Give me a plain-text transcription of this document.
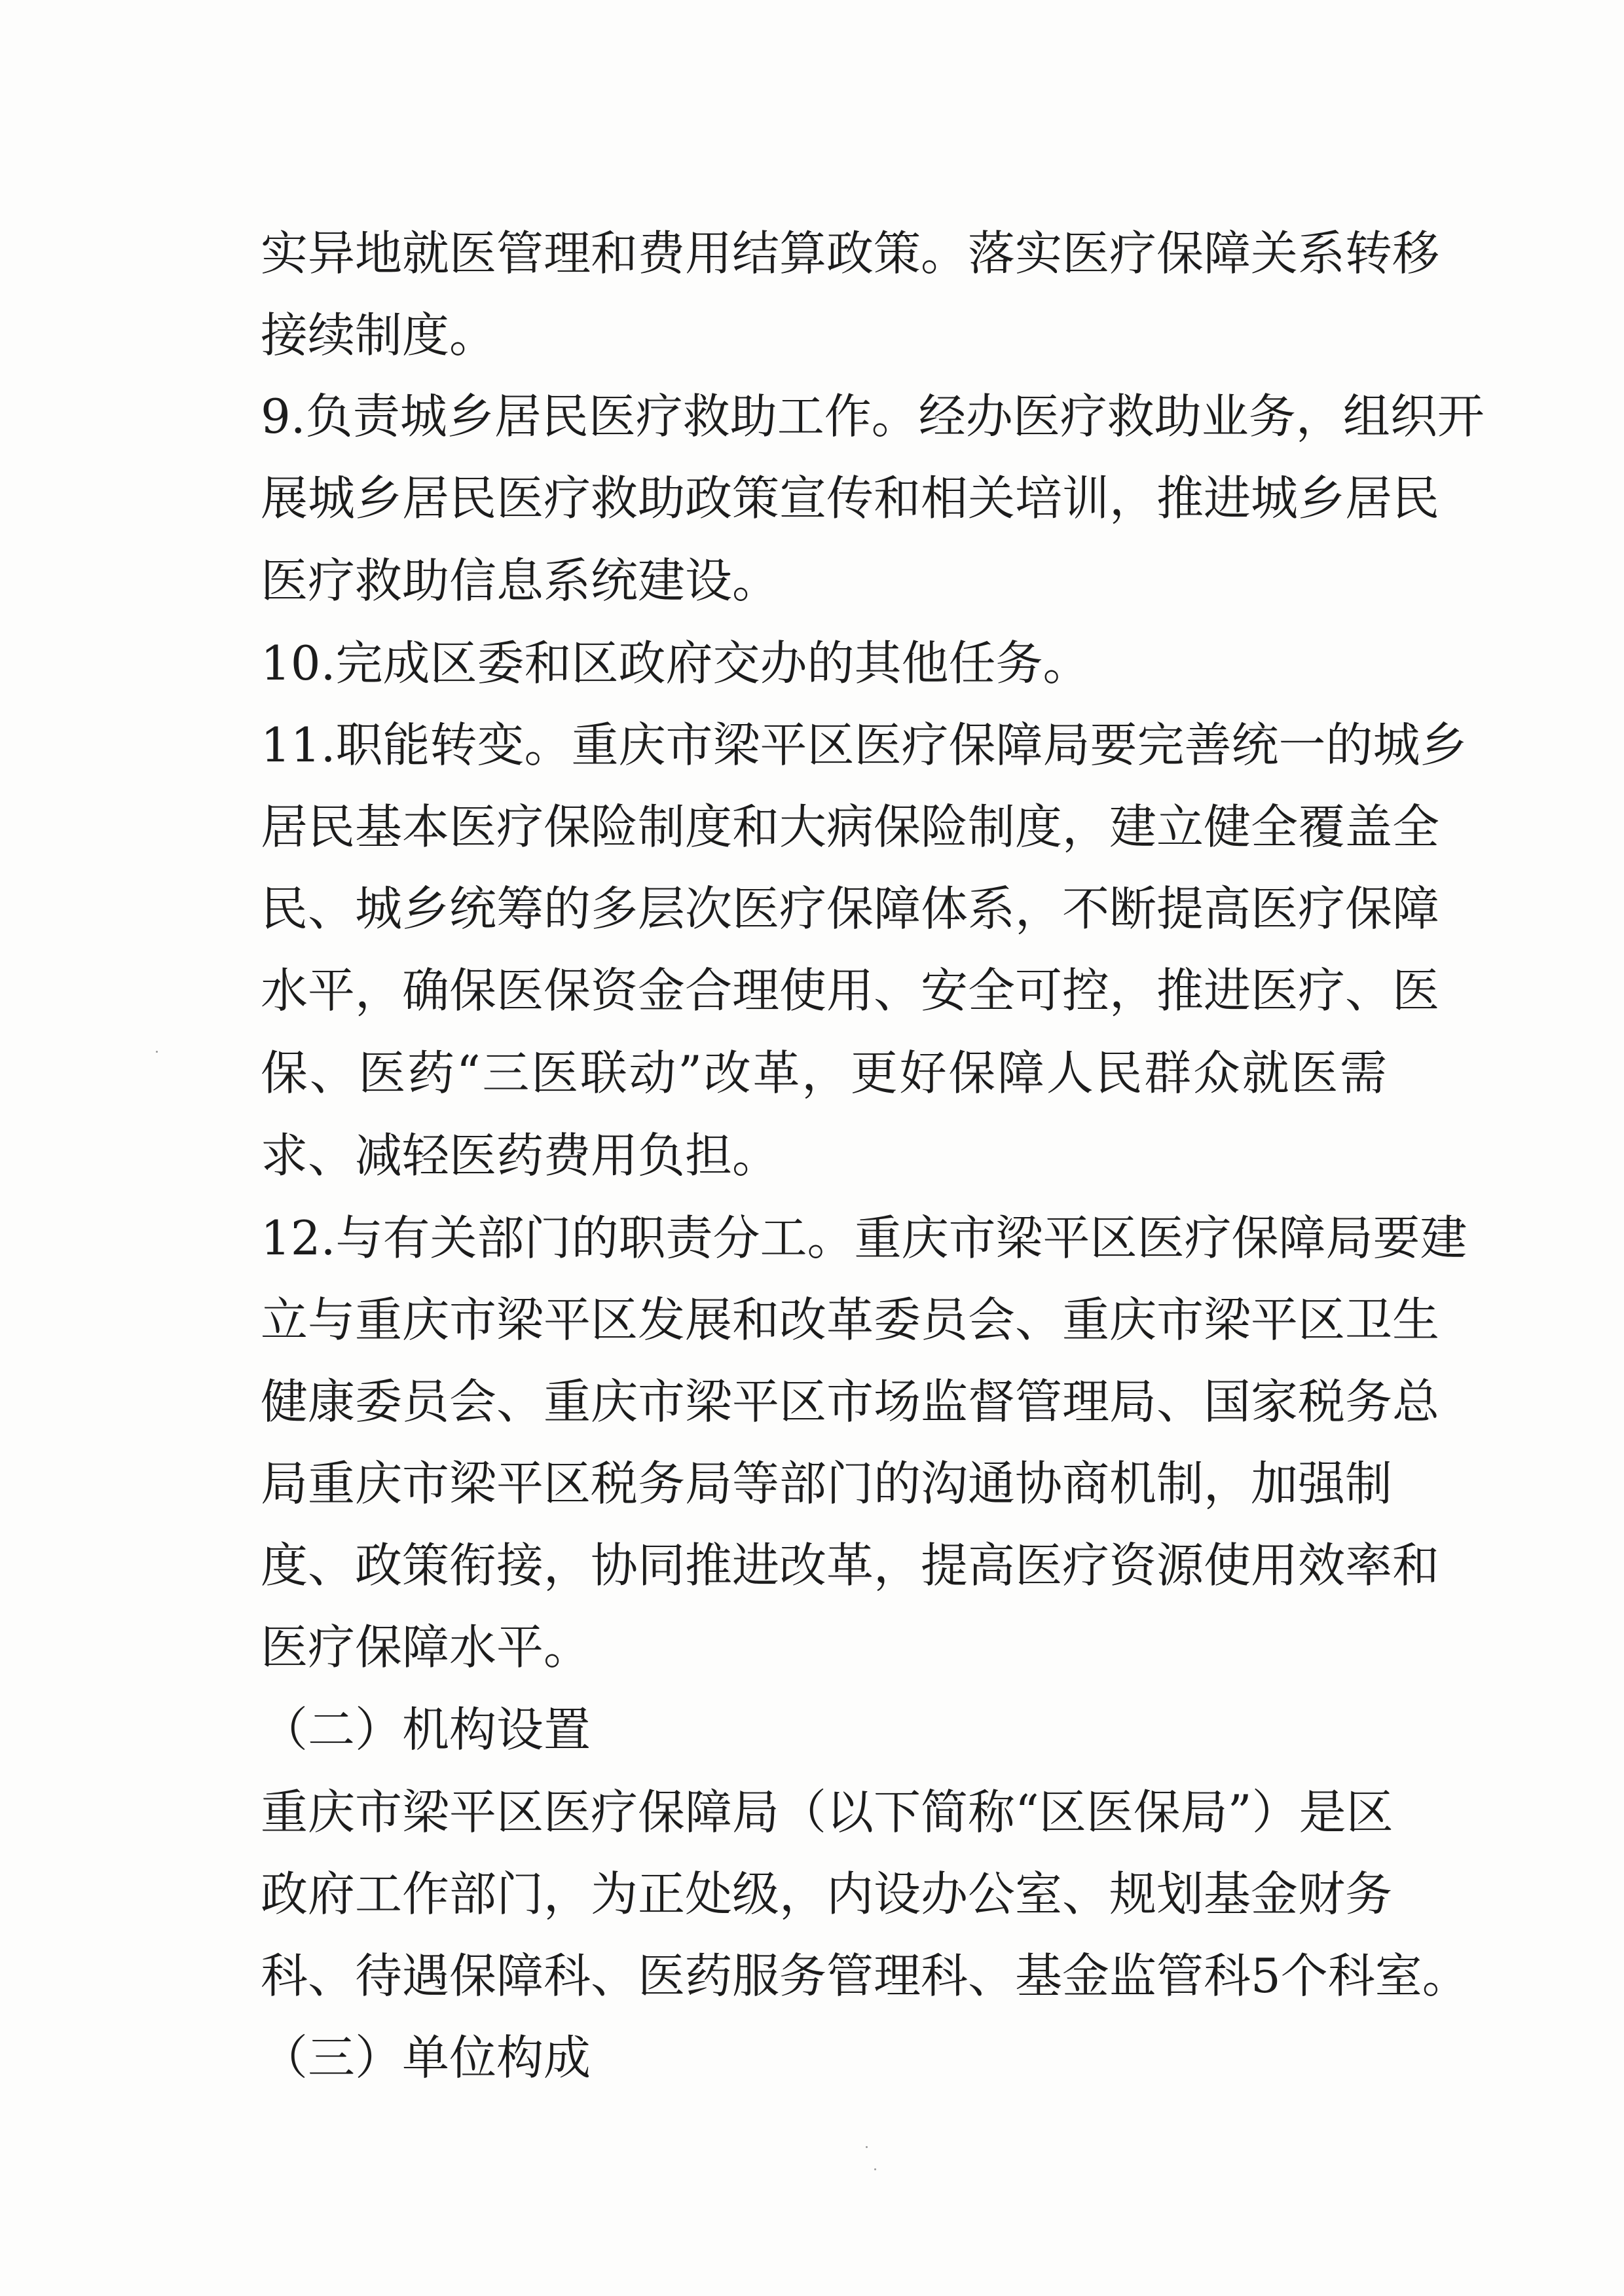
实异地就医管理和费用结算政策。落实医疗保障关系转移
接续制度。
9.负责城乡居民医疗救助工作。经办医疗救助业务，组织开
展城乡居民医疗救助政策宣传和相关培训，推进城乡居民
医疗救助信息系统建设。
10.完成区委和区政府交办的其他任务。
11.职能转变。重庆市梁平区医疗保障局要完善统一的城乡
居民基本医疗保险制度和大病保险制度，建立健全覆盖全
民、城乡统筹的多层次医疗保障体系，不断提高医疗保障
水平，确保医保资金合理使用、安全可控，推进医疗、医
保、医药“三医联动”改革，更好保障人民群众就医需
求、减轻医药费用负担。
12.与有关部门的职责分工。重庆市梁平区医疗保障局要建
立与重庆市梁平区发展和改革委员会、重庆市梁平区卫生
健康委员会、重庆市梁平区市场监督管理局、国家税务总
局重庆市梁平区税务局等部门的沟通协商机制，加强制
度、政策衔接，协同推进改革，提高医疗资源使用效率和
医疗保障水平。
（二）机构设置
重庆市梁平区医疗保障局（以下简称“区医保局”）是区
政府工作部门，为正处级，内设办公室、规划基金财务
科、待遇保障科、医药服务管理科、基金监管科5个科室。
（三）单位构成
